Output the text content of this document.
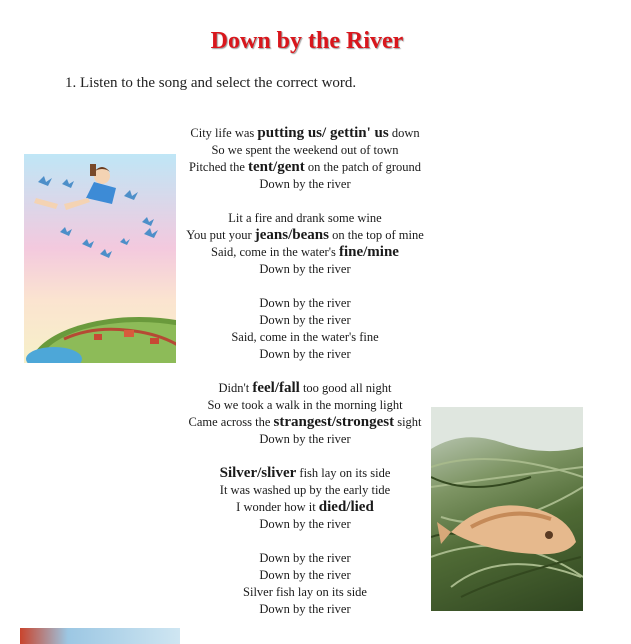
Down by the River
1. Listen to the song and select the correct word.
City life was putting us/ gettin' us down
So we spent the weekend out of town
Pitched the tent/gent on the patch of ground
Down by the river
Lit a fire and drank some wine
You put your jeans/beans on the top of mine
Said, come in the water's fine/mine
Down by the river
Down by the river
Down by the river
Said, come in the water's fine
Down by the river
Didn't feel/fall too good all night
So we took a walk in the morning light
Came across the strangest/strongest sight
Down by the river
Silver/sliver fish lay on its side
It was washed up by the early tide
I wonder how it died/lied
Down by the river
Down by the river
Down by the river
Silver fish lay on its side
Down by the river
